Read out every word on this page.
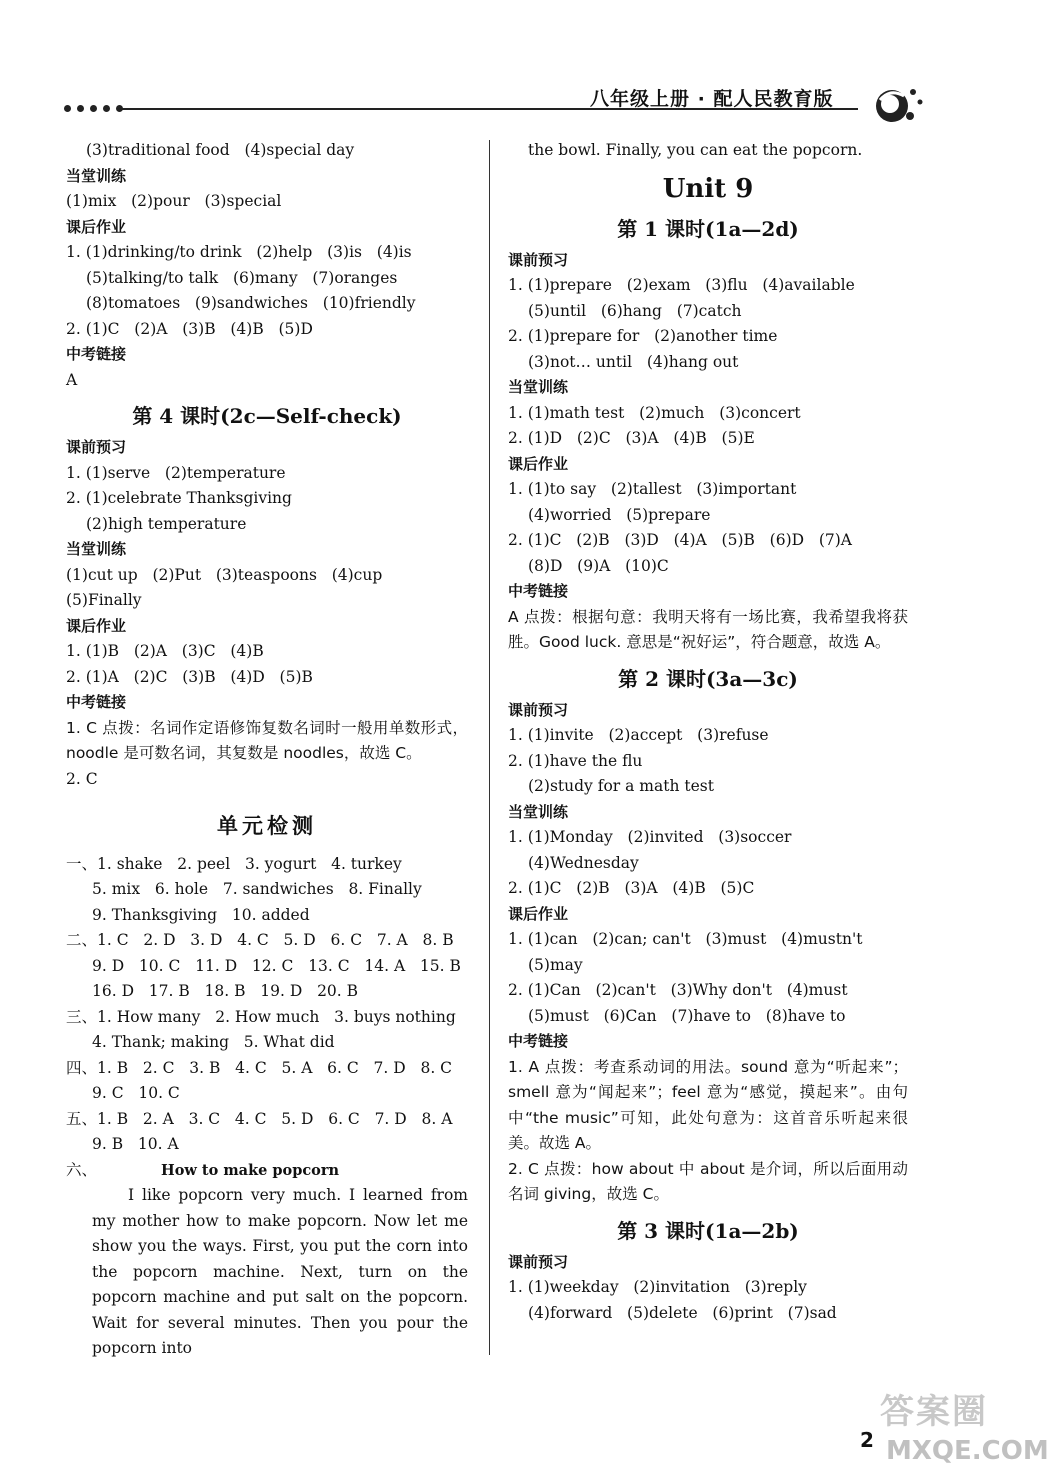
八年级上册 · 配人民教育版
(3)traditional food   (4)special day
当堂训练
(1)mix   (2)pour   (3)special
课后作业
1. (1)drinking/to drink   (2)help   (3)is   (4)is
(5)talking/to talk   (6)many   (7)oranges
(8)tomatoes   (9)sandwiches   (10)friendly
2. (1)C   (2)A   (3)B   (4)B   (5)D
中考链接
A
第 4 课时(2c—Self-check)
课前预习
1. (1)serve   (2)temperature
2. (1)celebrate Thanksgiving
(2)high temperature
当堂训练
(1)cut up   (2)Put   (3)teaspoons   (4)cup
(5)Finally
课后作业
1. (1)B   (2)A   (3)C   (4)B
2. (1)A   (2)C   (3)B   (4)D   (5)B
中考链接
1. C 点拨：名词作定语修饰复数名词时一般用单数形式，noodle 是可数名词，其复数是 noodles，故选 C。
2. C
单元检测
一、1. shake   2. peel   3. yogurt   4. turkey
5. mix   6. hole   7. sandwiches   8. Finally
9. Thanksgiving   10. added
二、1. C   2. D   3. D   4. C   5. D   6. C   7. A   8. B
9. D   10. C   11. D   12. C   13. C   14. A   15. B
16. D   17. B   18. B   19. D   20. B
三、1. How many   2. How much   3. buys nothing
4. Thank; making   5. What did
四、1. B   2. C   3. B   4. C   5. A   6. C   7. D   8. C
9. C   10. C
五、1. B   2. A   3. C   4. C   5. D   6. C   7. D   8. A
9. B   10. A
六、	How to make popcorn
I like popcorn very much. I learned from my mother how to make popcorn. Now let me show you the ways. First, you put the corn into the popcorn machine. Next, turn on the popcorn machine and put salt on the popcorn. Wait for several minutes. Then you pour the popcorn into
the bowl. Finally, you can eat the popcorn.
Unit 9
第 1 课时(1a—2d)
课前预习
1. (1)prepare   (2)exam   (3)flu   (4)available
(5)until   (6)hang   (7)catch
2. (1)prepare for   (2)another time
(3)not… until   (4)hang out
当堂训练
1. (1)math test   (2)much   (3)concert
2. (1)D   (2)C   (3)A   (4)B   (5)E
课后作业
1. (1)to say   (2)tallest   (3)important
(4)worried   (5)prepare
2. (1)C   (2)B   (3)D   (4)A   (5)B   (6)D   (7)A
(8)D   (9)A   (10)C
中考链接
A 点拨：根据句意：我明天将有一场比赛，我希望我将获胜。Good luck. 意思是“祝好运”，符合题意，故选 A。
第 2 课时(3a—3c)
课前预习
1. (1)invite   (2)accept   (3)refuse
2. (1)have the flu
(2)study for a math test
当堂训练
1. (1)Monday   (2)invited   (3)soccer
(4)Wednesday
2. (1)C   (2)B   (3)A   (4)B   (5)C
课后作业
1. (1)can   (2)can; can't   (3)must   (4)mustn't
(5)may
2. (1)Can   (2)can't   (3)Why don't   (4)must
(5)must   (6)Can   (7)have to   (8)have to
中考链接
1. A 点拨：考查系动词的用法。sound 意为“听起来”；smell 意为“闻起来”；feel 意为“感觉，摸起来”。由句中“the music”可知，此处句意为：这首音乐听起来很美。故选 A。
2. C 点拨：how about 中 about 是介词，所以后面用动名词 giving，故选 C。
第 3 课时(1a—2b)
课前预习
1. (1)weekday   (2)invitation   (3)reply
(4)forward   (5)delete   (6)print   (7)sad
答案圈
MXQE.COM
2
